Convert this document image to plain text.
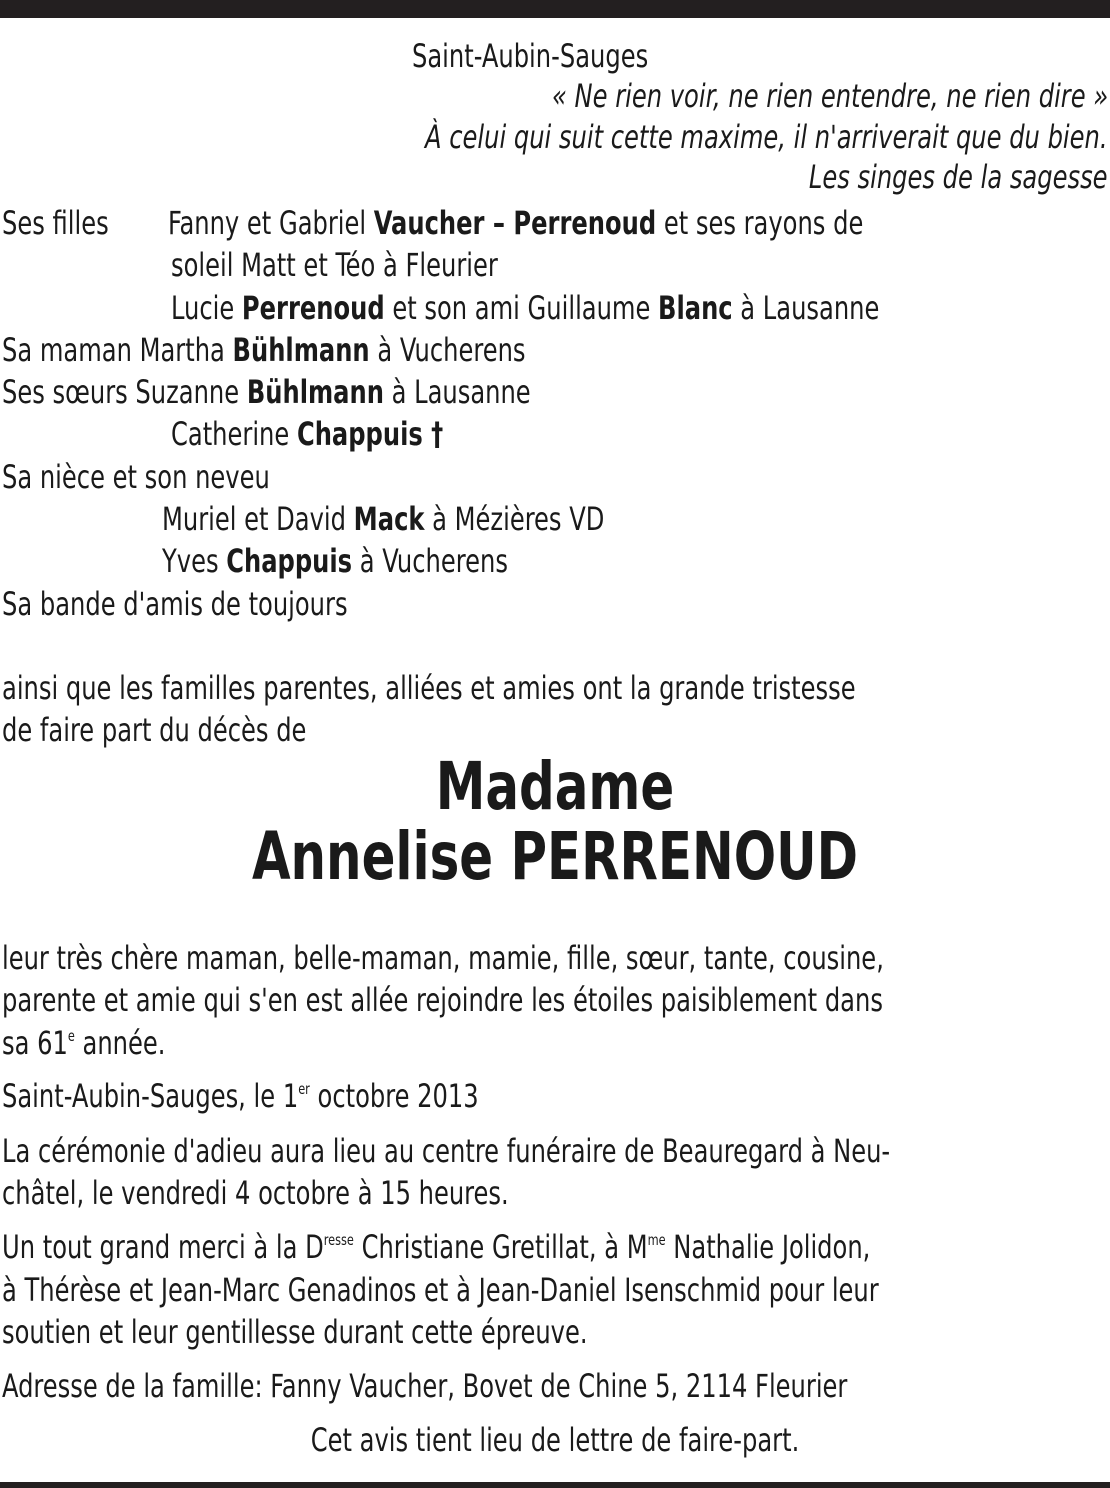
Saint-Aubin-Sauges
« Ne rien voir, ne rien entendre, ne rien dire »
À celui qui suit cette maxime, il n'arriverait que du bien.
Les singes de la sagesse
Ses filles Fanny et Gabriel Vaucher – Perrenoud et ses rayons de
soleil Matt et Téo à Fleurier
Lucie Perrenoud et son ami Guillaume Blanc à Lausanne
Sa maman Martha Bühlmann à Vucherens
Ses sœurs Suzanne Bühlmann à Lausanne
Catherine Chappuis †
Sa nièce et son neveu
Muriel et David Mack à Mézières VD
Yves Chappuis à Vucherens
Sa bande d'amis de toujours
ainsi que les familles parentes, alliées et amies ont la grande tristesse
de faire part du décès de
Madame
Annelise PERRENOUD
leur très chère maman, belle-maman, mamie, fille, sœur, tante, cousine,
parente et amie qui s'en est allée rejoindre les étoiles paisiblement dans
sa 61e année.
Saint-Aubin-Sauges, le 1er octobre 2013
La cérémonie d'adieu aura lieu au centre funéraire de Beauregard à Neu-
châtel, le vendredi 4 octobre à 15 heures.
Un tout grand merci à la $D^{resse}$ Christiane Gretillat, à $M^{me}$ Nathalie Jolidon,
à Thérèse et Jean-Marc Genadinos et à Jean-Daniel Isenschmid pour leur
soutien et leur gentillesse durant cette épreuve.
Adresse de la famille: Fanny Vaucher, Bovet de Chine 5, 2114 Fleurier
Cet avis tient lieu de lettre de faire-part.
